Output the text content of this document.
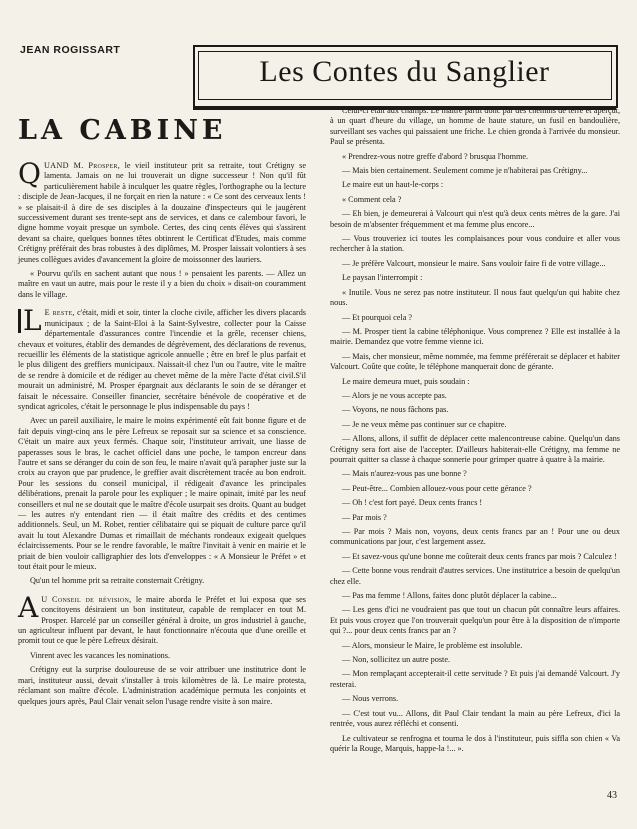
JEAN ROGISSART
Les Contes du Sanglier
LA CABINE

QUAND M. Prosper, le vieil instituteur prit sa retraite, tout Crétigny se lamenta. Jamais on ne lui trouverait un digne successeur ! Non qu'il fût particulièrement habile à inculquer les quatre règles, l'orthographe ou la lecture : disciple de Jean-Jacques, il ne forçait en rien la nature : « Ce sont des cerveaux lents ! » se plaisait-il à dire de ses disciples à la douzaine d'inspecteurs qui le jaugèrent successivement durant ses trente-sept ans de services, et dans ce calembour favori, le digne homme voyait presque un symbole. Certes, des cinq cents élèves qui s'assirent devant sa chaire, quelques bonnes têtes obtinrent le Certificat d'Etudes, mais comme Crétigny préférait des bras robustes à des diplômes, M. Prosper laissait volontiers à ses jeunes collègues avides d'avancement la gloire de moissonner des lauriers.

« Pourvu qu'ils en sachent autant que nous ! » pensaient les parents. — Allez un maître en vaut un autre, mais pour le reste il y a bien du choix » disait-on couramment dans le village.

L E reste, c'était, midi et soir, tinter la cloche civile, afficher les divers placards municipaux ; de la Saint-Eloi à la Saint-Sylvestre, collecter pour la Caisse départementale d'assurances contre l'incendie et la grêle, recenser chiens, chevaux et voitures, établir des demandes de dégrèvement, des déclarations de revenus, recueillir les éléments de la statistique agricole annuelle ; être en bref le plus parfait et le plus diligent des greffiers municipaux. Naissait-il chez l'un ou l'autre, vite le maître de se rendre à domicile et de rédiger au chevet même de la mère l'acte d'état civil.S'il mourait un administré, M. Prosper épargnait aux déclarants le soin de se déranger et faisait le nécessaire. Conseiller financier, secrétaire bénévole de coopérative et de syndicat agricoles, c'était le personnage le plus indispensable du pays !

Avec un pareil auxiliaire, le maire le moins expérimenté eût fait bonne figure et de fait depuis vingt-cinq ans le père Lefreux se reposait sur sa science et sa conscience. C'était un maire aux yeux fermés. Chaque soir, l'instituteur arrivait, une liasse de paperasses sous le bras, le cachet officiel dans une poche, le tampon encreur dans l'autre et sans se déranger du coin de son feu, le maire n'avait qu'à parapher juste sur la croix au crayon que par prudence, le greffier avait discrètement tracée au bon endroit. Pour les sessions du conseil municipal, il rédigeait d'avance les principales délibérations, prenait la parole pour les expliquer ; le maire opinait, imité par les neuf conseillers et nul ne se doutait que le maître d'école usurpait ses droits. Quant au budget — les autres n'y entendant rien — il était maître des crédits et des centimes additionnels. Seul, un M. Robet, rentier célibataire qui se piquait de culture parce qu'il avait lu tout Alexandre Dumas et rimaillait de méchants rondeaux exigeait quelques éclaircissements. Pour se le rendre favorable, le maître l'invitait à venir en mairie et le priait de bien vouloir calligraphier des lots d'enveloppes : « A Monsieur le Préfet » et tout était pour le mieux.

Qu'un tel homme prit sa retraite consternait Crétigny.

A U Conseil de révision, le maire aborda le Préfet et lui exposa que ses concitoyens désiraient un bon instituteur, capable de remplacer en tout M. Prosper. Harcelé par un conseiller général à droite, un gros industriel à gauche, un agriculteur influent par devant, le haut fonctionnaire n'écouta que d'une oreille et promit tout ce que le père Lefreux désirait.

Vinrent avec les vacances les nominations.

Crétigny eut la surprise douloureuse de se voir attribuer une institutrice dont le mari, instituteur aussi, devait s'installer à trois kilomètres de là. Le maire protesta, réclamant son maître d'école. L'administration académique permuta les conjoints et quelques jours après, Paul Clair venait selon l'usage rendre visite à son maire.

Celui-ci était aux champs. Le maître partit donc par des chemins de terre et aperçut, à un quart d'heure du village, un homme de haute stature, un fusil en bandoulière, surveillant ses vaches qui paissaient une friche. Le chien gronda à l'arrivée du monsieur. Paul se présenta.

« Prendrez-vous notre greffe d'abord ? brusqua l'homme.

— Mais bien certainement. Seulement comme je n'habiterai pas Crétigny...

Le maire eut un haut-le-corps :

« Comment cela ?

— Eh bien, je demeurerai à Valcourt qui n'est qu'à deux cents mètres de la gare. J'ai besoin de m'absenter fréquemment et ma femme plus encore...

— Vous trouveriez ici toutes les complaisances pour vous conduire et aller vous rechercher à la station.

— Je préfère Valcourt, monsieur le maire. Sans vouloir faire fi de votre village...

Le paysan l'interrompit :

« Inutile. Vous ne serez pas notre instituteur. Il nous faut quelqu'un qui habite chez nous.

— Et pourquoi cela ?

— M. Prosper tient la cabine téléphonique. Vous comprenez ? Elle est installée à la mairie. Demandez que votre femme vienne ici.

— Mais, cher monsieur, même nommée, ma femme préférerait se déplacer et habiter Valcourt. Coûte que coûte, le téléphone manquerait donc de gérante.

Le maire demeura muet, puis soudain :

— Alors je ne vous accepte pas.

— Voyons, ne nous fâchons pas.

— Je ne veux même pas continuer sur ce chapitre.

— Allons, allons, il suffit de déplacer cette malencontreuse cabine. Quelqu'un dans Crétigny sera fort aise de l'accepter. D'ailleurs habiterait-elle Crétigny, ma femme ne pourrait quitter sa classe à chaque sonnerie pour grimper quatre à quatre à la mairie.

— Mais n'aurez-vous pas une bonne ?

— Peut-être... Combien allouez-vous pour cette gérance ?

— Oh ! c'est fort payé. Deux cents francs !

— Par mois ?

— Par mois ? Mais non, voyons, deux cents francs par an ! Pour une ou deux communications par jour, c'est largement assez.

— Et savez-vous qu'une bonne me coûterait deux cents francs par mois ? Calculez !

— Cette bonne vous rendrait d'autres services. Une institutrice a besoin de quelqu'un chez elle.

— Pas ma femme ! Allons, faites donc plutôt déplacer la cabine...

— Les gens d'ici ne voudraient pas que tout un chacun pût connaître leurs affaires. Et puis vous croyez que l'on trouverait quelqu'un pour être à la disposition de n'importe qui ?... pour deux cents francs par an ?

— Alors, monsieur le Maire, le problème est insoluble.

— Non, sollicitez un autre poste.

— Mon remplaçant accepterait-il cette servitude ? Et puis j'ai demandé Valcourt. J'y resterai.

— Nous verrons.

— C'est tout vu... Allons, dit Paul Clair tendant la main au père Lefreux, d'ici la rentrée, vous aurez réfléchi et consenti.

Le cultivateur se renfrogna et tourna le dos à l'instituteur, puis siffla son chien « Va quérir la Rouge, Marquis, happe-la !... ».

43
